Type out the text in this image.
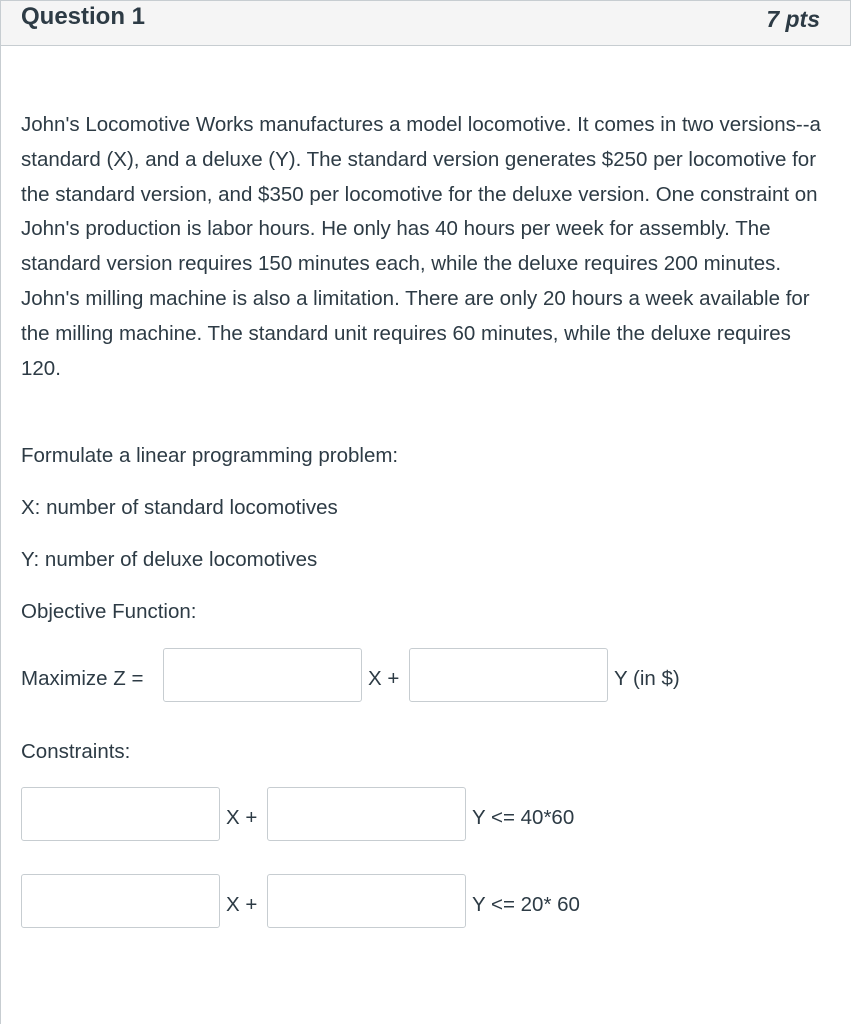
Question 1	7 pts

John's Locomotive Works manufactures a model locomotive. It comes in two versions--a standard (X), and a deluxe (Y). The standard version generates $250 per locomotive for the standard version, and $350 per locomotive for the deluxe version. One constraint on John's production is labor hours. He only has 40 hours per week for assembly. The standard version requires 150 minutes each, while the deluxe requires 200 minutes. John's milling machine is also a limitation. There are only 20 hours a week available for the milling machine. The standard unit requires 60 minutes, while the deluxe requires 120.

Formulate a linear programming problem:
X: number of standard locomotives
Y: number of deluxe locomotives
Objective Function:
Maximize Z =	X +	Y (in $)
Constraints:
X +	Y <= 40*60
X +	Y <= 20* 60
